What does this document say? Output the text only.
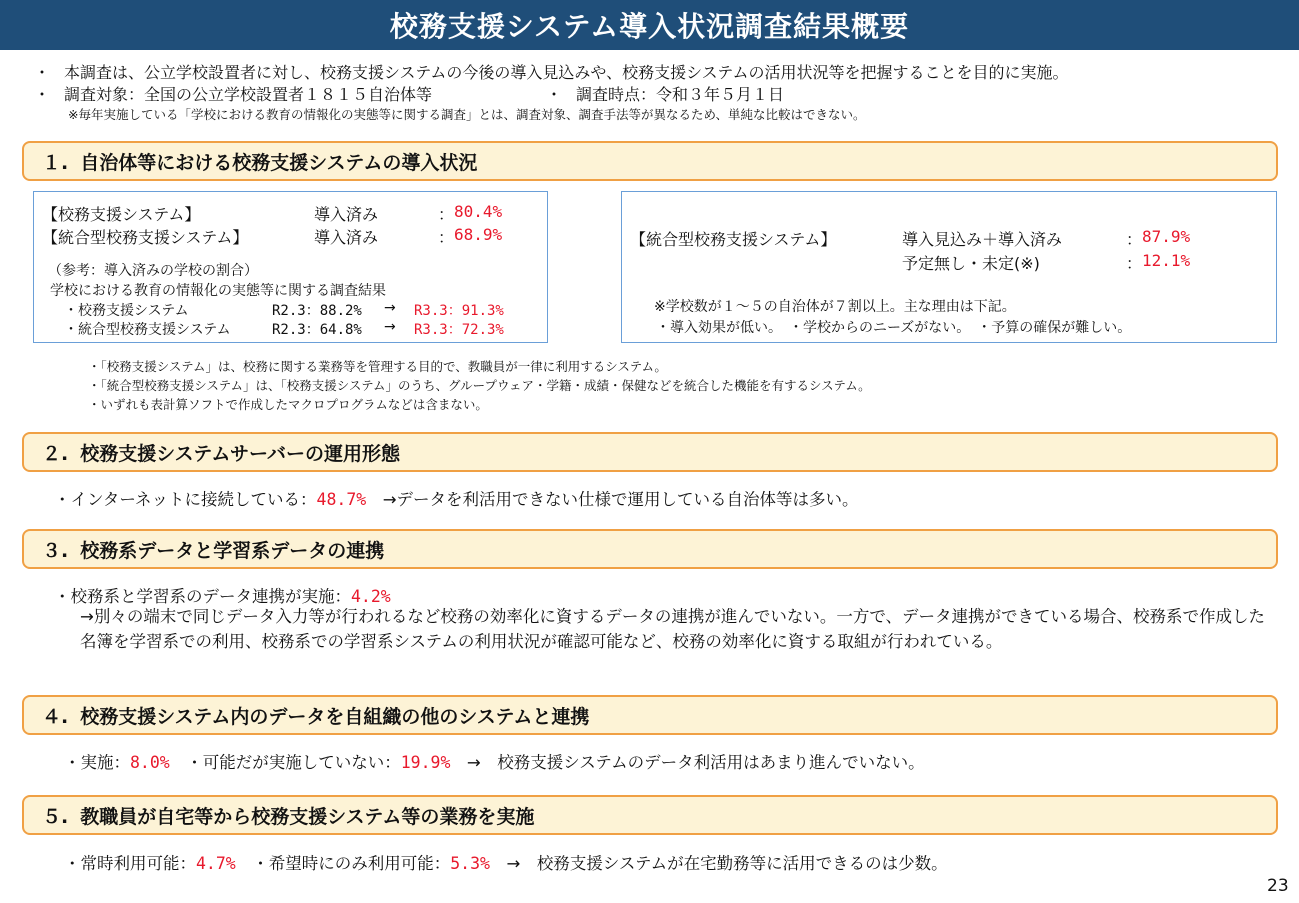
校務支援システム導入状況調査結果概要
・ 本調査は、公立学校設置者に対し、校務支援システムの今後の導入見込みや、校務支援システムの活用状況等を把握することを目的に実施。
・ 調査対象：全国の公立学校設置者１８１５自治体等	・ 調査時点：令和３年５月１日
※毎年実施している「学校における教育の情報化の実態等に関する調査」とは、調査対象、調査手法等が異なるため、単純な比較はできない。
１. 自治体等における校務支援システムの導入状況
【校務支援システム】	導入済み	： 80.4%
【統合型校務支援システム】	導入済み	： 68.9%
（参考：導入済みの学校の割合）
学校における教育の情報化の実態等に関する調査結果
・校務支援システム	R2.3：88.2% → R3.3：91.3%
・統合型校務支援システム	R2.3：64.8% → R3.3：72.3%
【統合型校務支援システム】	導入見込み＋導入済み	： 87.9%
予定無し・未定(※)	： 12.1%
※学校数が１～５の自治体が７割以上。主な理由は下記。
・導入効果が低い。　・学校からのニーズがない。　・予算の確保が難しい。
・「校務支援システム」は、校務に関する業務等を管理する目的で、教職員が一律に利用するシステム。
・「統合型校務支援システム」は、「校務支援システム」のうち、グループウェア・学籍・成績・保健などを統合した機能を有するシステム。
・いずれも表計算ソフトで作成したマクロプログラムなどは含まない。
２. 校務支援システムサーバーの運用形態
・インターネットに接続している：48.7%　→データを利活用できない仕様で運用している自治体等は多い。
３. 校務系データと学習系データの連携
・校務系と学習系のデータ連携が実施：4.2%
→別々の端末で同じデータ入力等が行われるなど校務の効率化に資するデータの連携が進んでいない。一方で、データ連携ができている場合、校務系で作成した名簿を学習系での利用、校務系での学習系システムの利用状況が確認可能など、校務の効率化に資する取組が行われている。
４. 校務支援システム内のデータを自組織の他のシステムと連携
・実施：8.0%　・可能だが実施していない：19.9%　→　校務支援システムのデータ利活用はあまり進んでいない。
５. 教職員が自宅等から校務支援システム等の業務を実施
・常時利用可能：4.7%　・希望時にのみ利用可能：5.3%　→　校務支援システムが在宅勤務等に活用できるのは少数。
23
